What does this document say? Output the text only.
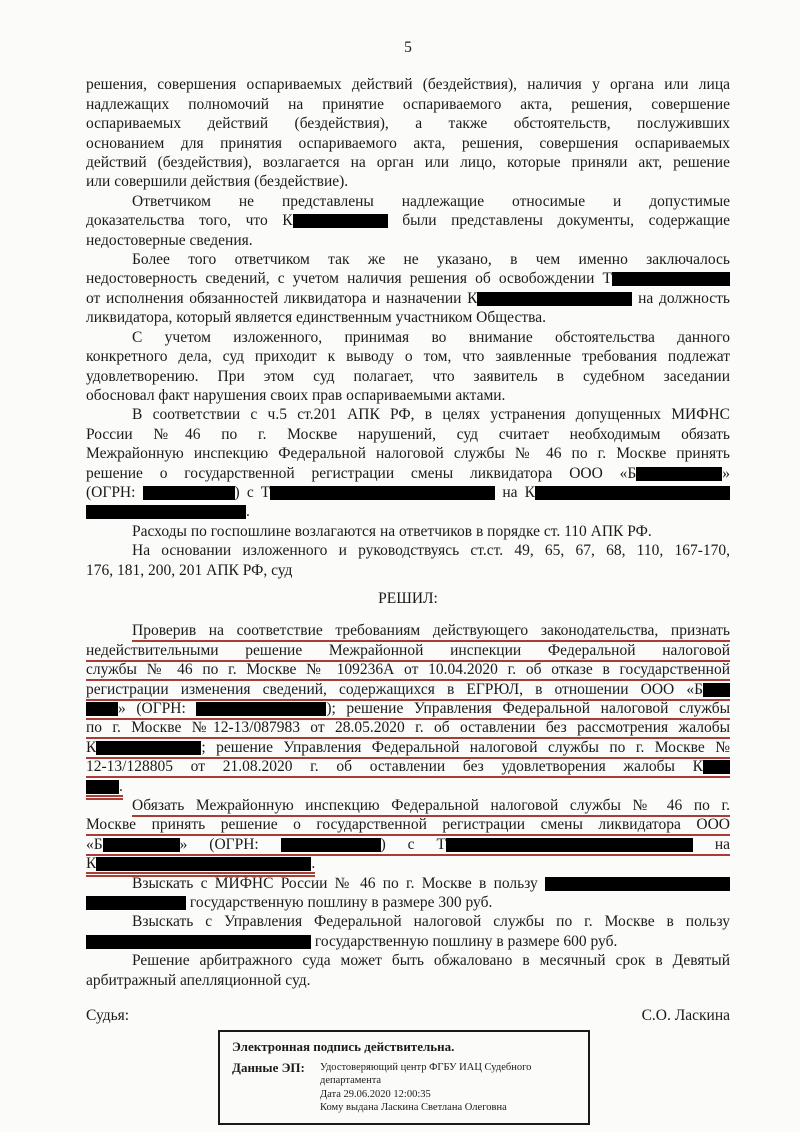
5
решения, совершения оспариваемых действий (бездействия), наличия у органа или лица
надлежащих полномочий на принятие оспариваемого акта, решения, совершение
оспариваемых действий (бездействия), а также обстоятельств, послуживших
основанием для принятия оспариваемого акта, решения, совершения оспариваемых
действий (бездействия), возлагается на орган или лицо, которые приняли акт, решение
или совершили действия (бездействие).
Ответчиком не представлены надлежащие относимые и допустимые
доказательства того, что К	были представлены документы, содержащие
недостоверные сведения.
Более того ответчиком так же не указано, в чем именно заключалось
недостоверность сведений, с учетом наличия решения об освобождении Т
от исполнения обязанностей ликвидатора и назначении К	на должность
ликвидатора, который является единственным участником Общества.
С учетом изложенного, принимая во внимание обстоятельства данного
конкретного дела, суд приходит к выводу о том, что заявленные требования подлежат
удовлетворению. При этом суд полагает, что заявитель в судебном заседании
обосновал факт нарушения своих прав оспариваемыми актами.
В соответствии с ч.5 ст.201 АПК РФ, в целях устранения допущенных МИФНС
России №46 по г. Москве нарушений, суд считает необходимым обязать
Межрайонную инспекцию Федеральной налоговой службы № 46 по г. Москве принять
решение о государственной регистрации смены ликвидатора ООО «Б	»
(ОГРН:	) с Т	на К
.
Расходы по госпошлине возлагаются на ответчиков в порядке ст. 110 АПК РФ.
На основании изложенного и руководствуясь ст.ст. 49, 65, 67, 68, 110, 167-170,
176, 181, 200, 201 АПК РФ, суд
РЕШИЛ:
Проверив на соответствие требованиям действующего законодательства, признать
недействительными решение Межрайонной инспекции Федеральной налоговой
службы № 46 по г. Москве № 109236А от 10.04.2020 г. об отказе в государственной
регистрации изменения сведений, содержащихся в ЕГРЮЛ, в отношении ООО «Б
» (ОГРН:	); решение Управления Федеральной налоговой службы
по г. Москве №12-13/087983 от 28.05.2020 г. об оставлении без рассмотрения жалобы
К	; решение Управления Федеральной налоговой службы по г. Москве №
12-13/128805 от 21.08.2020 г. об оставлении без удовлетворения жалобы К
.
Обязать Межрайонную инспекцию Федеральной налоговой службы № 46 по г.
Москве принять решение о государственной регистрации смены ликвидатора ООО
«Б	» (ОГРН:	) с Т	на
К	.
Взыскать с МИФНС России № 46 по г. Москве в пользу
государственную пошлину в размере 300 руб.
Взыскать с Управления Федеральной налоговой службы по г. Москве в пользу
государственную пошлину в размере 600 руб.
Решение арбитражного суда может быть обжаловано в месячный срок в Девятый
арбитражный апелляционной суд.
Судья:	С.О. Ласкина
Электронная подпись действительна.
Данные ЭП:	Удостоверяющий центр ФГБУ ИАЦ Судебного
департамента
Дата 29.06.2020 12:00:35
Кому выдана Ласкина Светлана Олеговна
